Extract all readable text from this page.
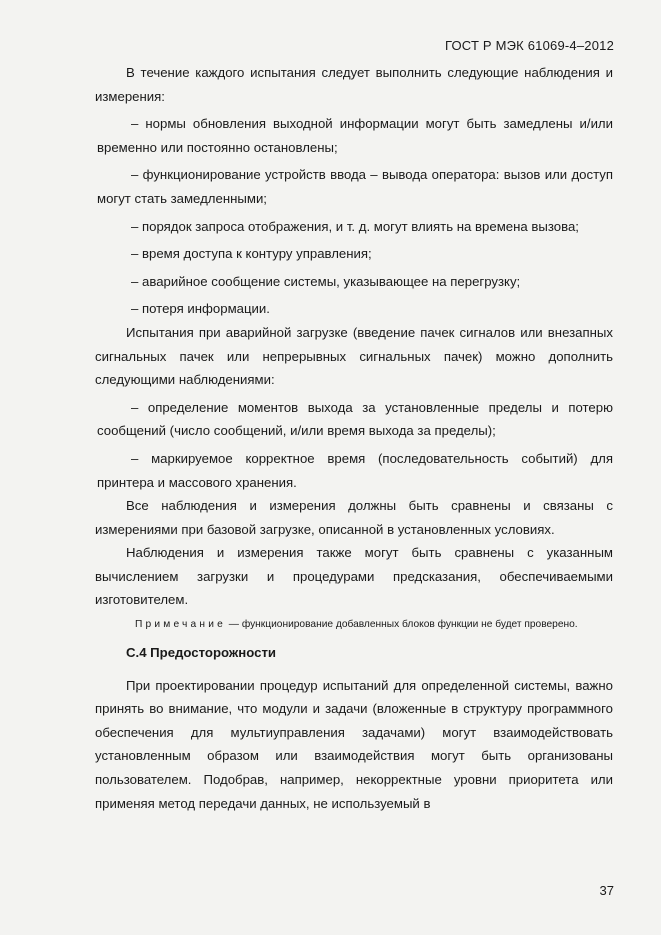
ГОСТ Р МЭК 61069-4–2012

В течение каждого испытания следует выполнить следующие наблюдения и измерения:

– нормы обновления выходной информации могут быть замедлены и/или временно или постоянно остановлены;

– функционирование устройств ввода – вывода оператора: вызов или доступ могут стать замедленными;

– порядок запроса отображения, и т. д. могут влиять на времена вызова;

– время доступа к контуру управления;

– аварийное сообщение системы, указывающее на перегрузку;

– потеря информации.

Испытания при аварийной загрузке (введение пачек сигналов или внезапных сигнальных пачек или непрерывных сигнальных пачек) можно дополнить следующими наблюдениями:

– определение моментов выхода за установленные пределы и потерю сообщений (число сообщений, и/или время выхода за пределы);

– маркируемое корректное время (последовательность событий) для принтера и массового хранения.

Все наблюдения и измерения должны быть сравнены и связаны с измерениями при базовой загрузке, описанной в установленных условиях.

Наблюдения и измерения также могут быть сравнены с указанным вычислением загрузки и процедурами предсказания, обеспечиваемыми изготовителем.

Примечание — функционирование добавленных блоков функции не будет проверено.

С.4 Предосторожности

При проектировании процедур испытаний для определенной системы, важно принять во внимание, что модули и задачи (вложенные в структуру программного обеспечения для мультиуправления задачами) могут взаимодействовать установленным образом или взаимодействия могут быть организованы пользователем. Подобрав, например, некорректные уровни приоритета или применяя метод передачи данных, не используемый в

37
